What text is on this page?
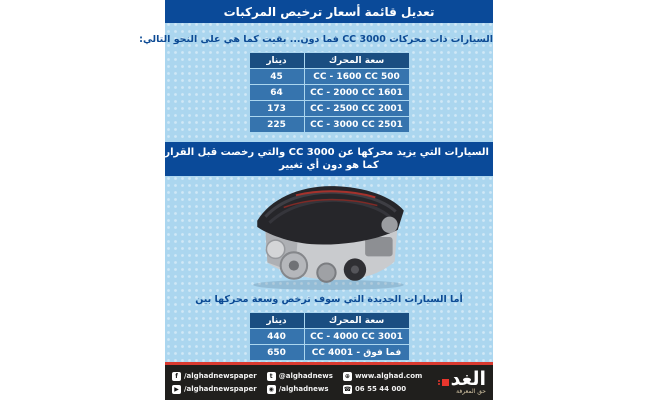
تعديل قائمة أسعار ترخيص المركبات
السيارات ذات محركات CC 3000 فما دون... بقيت كما هي على النحو التالي:
سعة المحرك	دينار
500 CC - 1600 CC	45
1601 CC - 2000 CC	64
2001 CC - 2500 CC	173
2501 CC - 3000 CC	225
السيارات التي يزيد محركها عن CC 3000 والتي رخصت قبل القرار يبقى ترخيصها
كما هو دون أي تغيير
أما السيارات الجديدة التي سوف ترخص وسعة محركها بين
سعة المحرك	دينار
3001 CC - 4000 CC	440
فما فوق - 4001 CC	650
f /alghadnewspaper
▶ /alghadnewspaper
t @alghadnews
◉ /alghadnews
⊕ www.alghad.com
☎ 06 55 44 000 الغد
حق المعرفة
